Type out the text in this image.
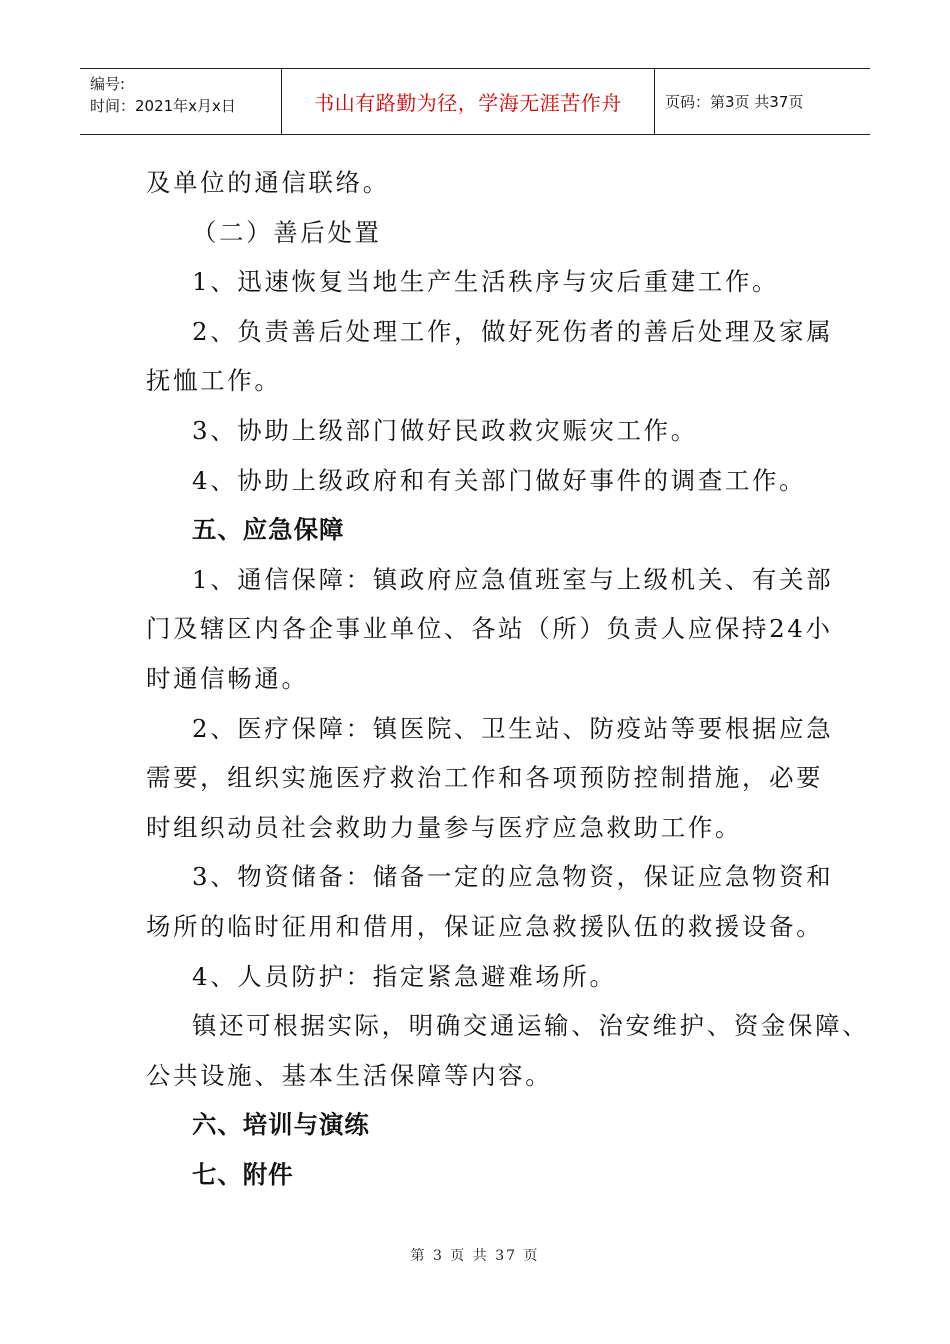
编号:
时间：2021年x月x日	书山有路勤为径，学海无涯苦作舟	页码：第3页 共37页
及单位的通信联络。
（二）善后处置
1、迅速恢复当地生产生活秩序与灾后重建工作。
2、负责善后处理工作，做好死伤者的善后处理及家属
抚恤工作。
3、协助上级部门做好民政救灾赈灾工作。
4、协助上级政府和有关部门做好事件的调查工作。
五、应急保障
1、通信保障：镇政府应急值班室与上级机关、有关部
门及辖区内各企事业单位、各站（所）负责人应保持24小
时通信畅通。
2、医疗保障：镇医院、卫生站、防疫站等要根据应急
需要，组织实施医疗救治工作和各项预防控制措施，必要
时组织动员社会救助力量参与医疗应急救助工作。
3、物资储备：储备一定的应急物资，保证应急物资和
场所的临时征用和借用，保证应急救援队伍的救援设备。
4、人员防护：指定紧急避难场所。
镇还可根据实际，明确交通运输、治安维护、资金保障、
公共设施、基本生活保障等内容。
六、培训与演练
七、附件
第 3 页 共 37 页
